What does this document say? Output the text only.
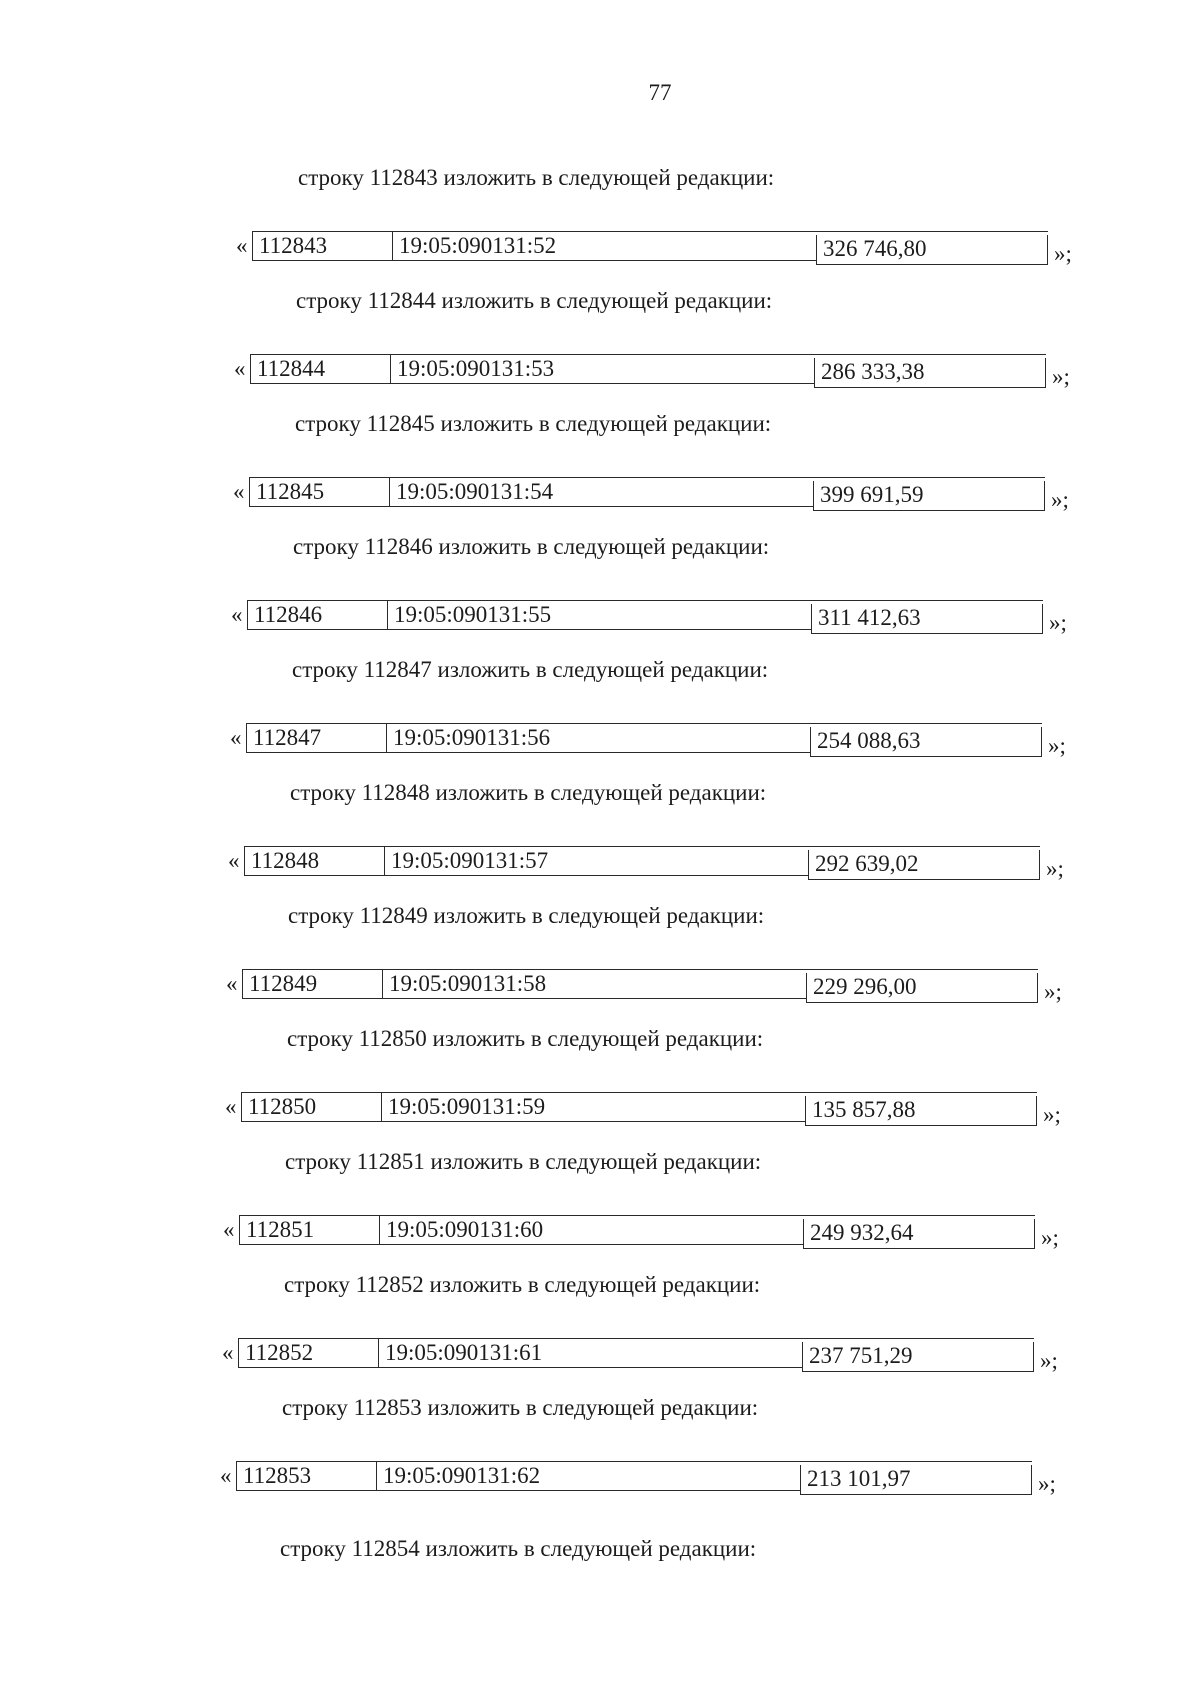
77
строку 112843 изложить в следующей редакции:
« 112843	19:05:090131:52	326 746,80	»;
строку 112844 изложить в следующей редакции:
« 112844	19:05:090131:53	286 333,38	»;
строку 112845 изложить в следующей редакции:
« 112845	19:05:090131:54	399 691,59	»;
строку 112846 изложить в следующей редакции:
« 112846	19:05:090131:55	311 412,63	»;
строку 112847 изложить в следующей редакции:
« 112847	19:05:090131:56	254 088,63	»;
строку 112848 изложить в следующей редакции:
« 112848	19:05:090131:57	292 639,02	»;
строку 112849 изложить в следующей редакции:
« 112849	19:05:090131:58	229 296,00	»;
строку 112850 изложить в следующей редакции:
« 112850	19:05:090131:59	135 857,88	»;
строку 112851 изложить в следующей редакции:
« 112851	19:05:090131:60	249 932,64	»;
строку 112852 изложить в следующей редакции:
« 112852	19:05:090131:61	237 751,29	»;
строку 112853 изложить в следующей редакции:
« 112853	19:05:090131:62	213 101,97	»;
строку 112854 изложить в следующей редакции:
